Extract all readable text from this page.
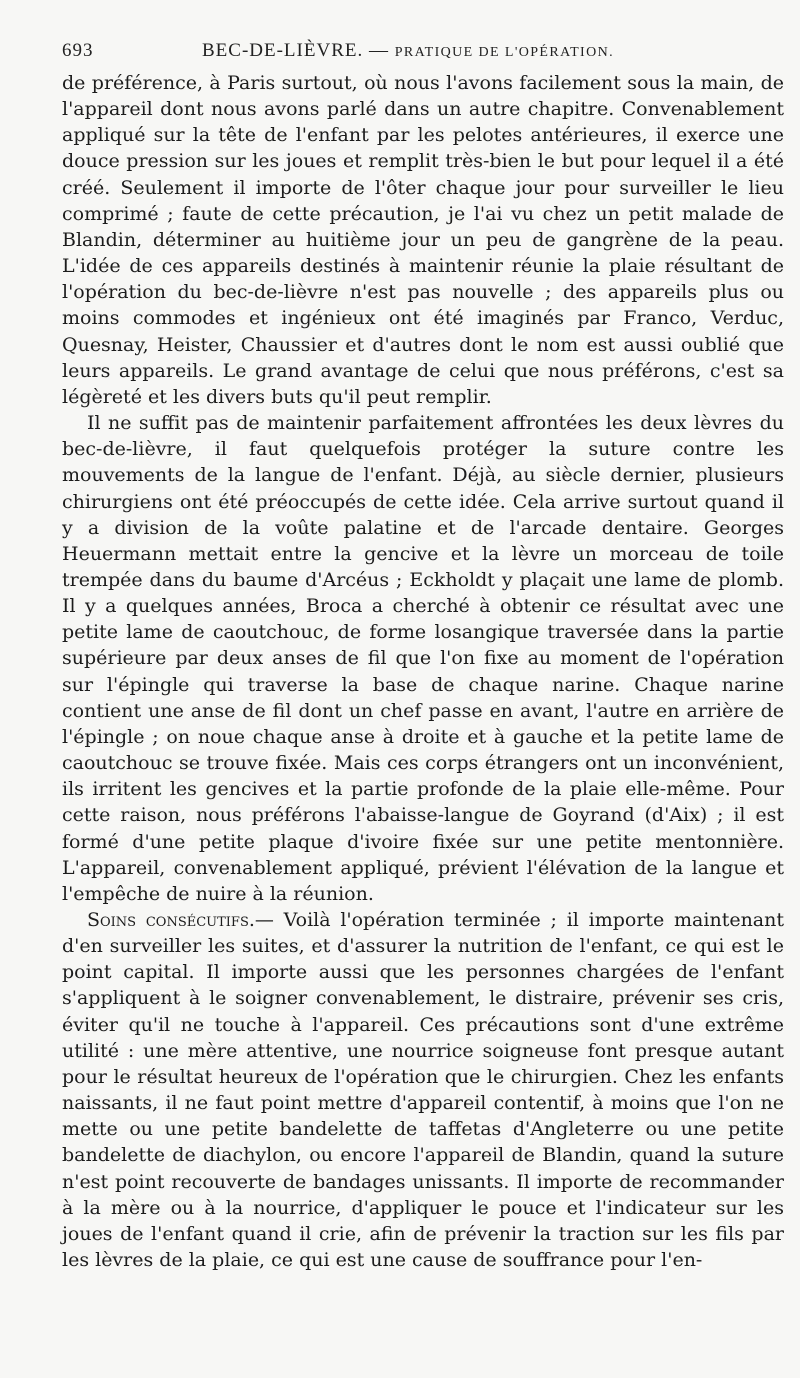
693	BEC-DE-LIÈVRE. — PRATIQUE DE L'OPÉRATION.

de préférence, à Paris surtout, où nous l'avons facilement sous la main, de l'appareil dont nous avons parlé dans un autre chapitre. Convenablement appliqué sur la tête de l'enfant par les pelotes antérieures, il exerce une douce pression sur les joues et remplit très-bien le but pour lequel il a été créé. Seulement il importe de l'ôter chaque jour pour surveiller le lieu comprimé ; faute de cette précaution, je l'ai vu chez un petit malade de Blandin, déterminer au huitième jour un peu de gangrène de la peau. L'idée de ces appareils destinés à maintenir réunie la plaie résultant de l'opération du bec-de-lièvre n'est pas nouvelle ; des appareils plus ou moins commodes et ingénieux ont été imaginés par Franco, Verduc, Quesnay, Heister, Chaussier et d'autres dont le nom est aussi oublié que leurs appareils. Le grand avantage de celui que nous préférons, c'est sa légèreté et les divers buts qu'il peut remplir.

Il ne suffit pas de maintenir parfaitement affrontées les deux lèvres du bec-de-lièvre, il faut quelquefois protéger la suture contre les mouvements de la langue de l'enfant. Déjà, au siècle dernier, plusieurs chirurgiens ont été préoccupés de cette idée. Cela arrive surtout quand il y a division de la voûte palatine et de l'arcade dentaire. Georges Heuermann mettait entre la gencive et la lèvre un morceau de toile trempée dans du baume d'Arcéus ; Eckholdt y plaçait une lame de plomb. Il y a quelques années, Broca a cherché à obtenir ce résultat avec une petite lame de caoutchouc, de forme losangique traversée dans la partie supérieure par deux anses de fil que l'on fixe au moment de l'opération sur l'épingle qui traverse la base de chaque narine. Chaque narine contient une anse de fil dont un chef passe en avant, l'autre en arrière de l'épingle ; on noue chaque anse à droite et à gauche et la petite lame de caoutchouc se trouve fixée. Mais ces corps étrangers ont un inconvénient, ils irritent les gencives et la partie profonde de la plaie elle-même. Pour cette raison, nous préférons l'abaisse-langue de Goyrand (d'Aix) ; il est formé d'une petite plaque d'ivoire fixée sur une petite mentonnière. L'appareil, convenablement appliqué, prévient l'élévation de la langue et l'empêche de nuire à la réunion.

Soins consécutifs.— Voilà l'opération terminée ; il importe maintenant d'en surveiller les suites, et d'assurer la nutrition de l'enfant, ce qui est le point capital. Il importe aussi que les personnes chargées de l'enfant s'appliquent à le soigner convenablement, le distraire, prévenir ses cris, éviter qu'il ne touche à l'appareil. Ces précautions sont d'une extrême utilité : une mère attentive, une nourrice soigneuse font presque autant pour le résultat heureux de l'opération que le chirurgien. Chez les enfants naissants, il ne faut point mettre d'appareil contentif, à moins que l'on ne mette ou une petite bandelette de taffetas d'Angleterre ou une petite bandelette de diachylon, ou encore l'appareil de Blandin, quand la suture n'est point recouverte de bandages unissants. Il importe de recommander à la mère ou à la nourrice, d'appliquer le pouce et l'indicateur sur les joues de l'enfant quand il crie, afin de prévenir la traction sur les fils par les lèvres de la plaie, ce qui est une cause de souffrance pour l'en-
